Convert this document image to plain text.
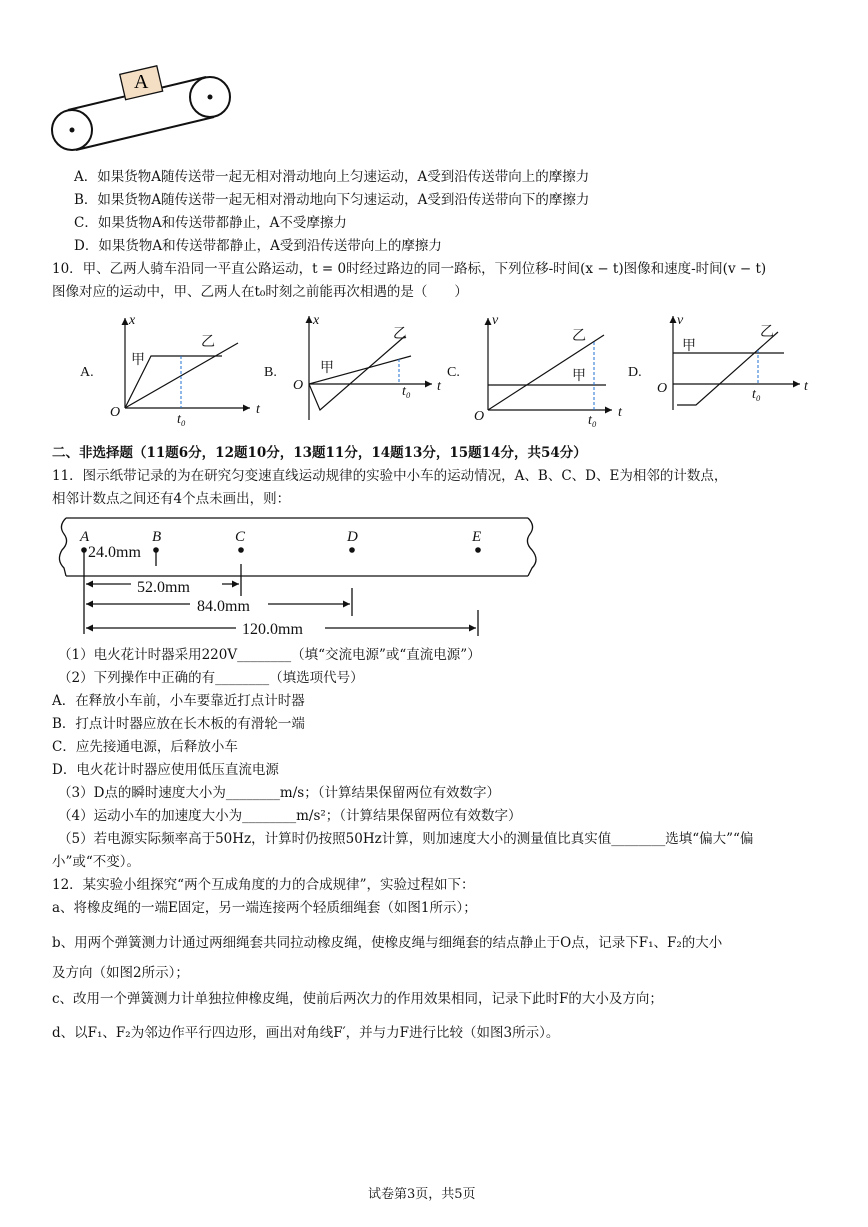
A
A．如果货物A随传送带一起无相对滑动地向上匀速运动，A受到沿传送带向上的摩擦力
B．如果货物A随传送带一起无相对滑动地向下匀速运动，A受到沿传送带向下的摩擦力
C．如果货物A和传送带都静止，A不受摩擦力
D．如果货物A和传送带都静止，A受到沿传送带向上的摩擦力
10．甲、乙两人骑车沿同一平直公路运动，t = 0时经过路边的同一路标，下列位移-时间(x − t)图像和速度-时间(v − t)
图像对应的运动中，甲、乙两人在t₀时刻之前能再次相遇的是（　　）
A.
x
t
O
甲
乙
t₀
B.
x
t
O
甲
乙
t₀
C.
v
t
O
甲
乙
t₀
D.
v
t
O
甲
乙
t₀
二、非选择题（11题6分，12题10分，13题11分，14题13分，15题14分，共54分）
11．图示纸带记录的为在研究匀变速直线运动规律的实验中小车的运动情况，A、B、C、D、E为相邻的计数点，
相邻计数点之间还有4个点未画出，则：
A	B	C	D	E
24.0mm
52.0mm
84.0mm
120.0mm
（1）电火花计时器采用220V________（填“交流电源”或“直流电源”）
（2）下列操作中正确的有________（填选项代号）
A．在释放小车前，小车要靠近打点计时器
B．打点计时器应放在长木板的有滑轮一端
C．应先接通电源，后释放小车
D．电火花计时器应使用低压直流电源
（3）D点的瞬时速度大小为________m/s；（计算结果保留两位有效数字）
（4）运动小车的加速度大小为________m/s²；（计算结果保留两位有效数字）
（5）若电源实际频率高于50Hz，计算时仍按照50Hz计算，则加速度大小的测量值比真实值________选填“偏大”“偏
小”或“不变）。
12．某实验小组探究“两个互成角度的力的合成规律”，实验过程如下：
a、将橡皮绳的一端E固定，另一端连接两个轻质细绳套（如图1所示）；
b、用两个弹簧测力计通过两细绳套共同拉动橡皮绳，使橡皮绳与细绳套的结点静止于O点，记录下F₁、F₂的大小
及方向（如图2所示）；
c、改用一个弹簧测力计单独拉伸橡皮绳，使前后两次力的作用效果相同，记录下此时F的大小及方向；
d、以F₁、F₂为邻边作平行四边形，画出对角线F′，并与力F进行比较（如图3所示）。
试卷第3页，共5页
